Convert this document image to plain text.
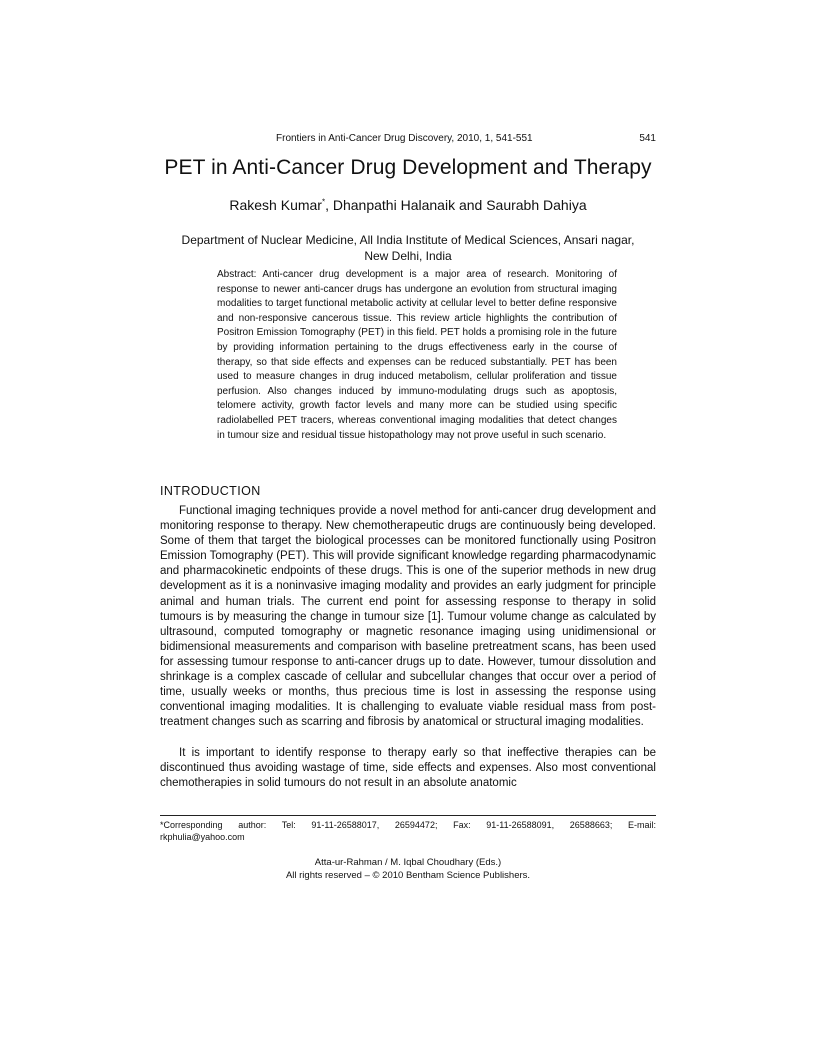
Frontiers in Anti-Cancer Drug Discovery, 2010, 1, 541-551	541
PET in Anti-Cancer Drug Development and Therapy
Rakesh Kumar*, Dhanpathi Halanaik and Saurabh Dahiya
Department of Nuclear Medicine, All India Institute of Medical Sciences, Ansari nagar,
New Delhi, India
Abstract: Anti-cancer drug development is a major area of research. Monitoring of response to newer anti-cancer drugs has undergone an evolution from structural imaging modalities to target functional metabolic activity at cellular level to better define responsive and non-responsive cancerous tissue. This review article highlights the contribution of Positron Emission Tomography (PET) in this field. PET holds a promising role in the future by providing information pertaining to the drugs effectiveness early in the course of therapy, so that side effects and expenses can be reduced substantially. PET has been used to measure changes in drug induced metabolism, cellular proliferation and tissue perfusion. Also changes induced by immuno-modulating drugs such as apoptosis, telomere activity, growth factor levels and many more can be studied using specific radiolabelled PET tracers, whereas conventional imaging modalities that detect changes in tumour size and residual tissue histopathology may not prove useful in such scenario.
INTRODUCTION

Functional imaging techniques provide a novel method for anti-cancer drug development and monitoring response to therapy. New chemotherapeutic drugs are continuously being developed. Some of them that target the biological processes can be monitored functionally using Positron Emission Tomography (PET). This will provide significant knowledge regarding pharmacodynamic and pharmacokinetic endpoints of these drugs. This is one of the superior methods in new drug development as it is a noninvasive imaging modality and provides an early judgment for principle animal and human trials. The current end point for assessing response to therapy in solid tumours is by measuring the change in tumour size [1]. Tumour volume change as calculated by ultrasound, computed tomography or magnetic resonance imaging using unidimensional or bidimensional measurements and comparison with baseline pretreatment scans, has been used for assessing tumour response to anti-cancer drugs up to date. However, tumour dissolution and shrinkage is a complex cascade of cellular and subcellular changes that occur over a period of time, usually weeks or months, thus precious time is lost in assessing the response using conventional imaging modalities. It is challenging to evaluate viable residual mass from post-treatment changes such as scarring and fibrosis by anatomical or structural imaging modalities.

It is important to identify response to therapy early so that ineffective therapies can be discontinued thus avoiding wastage of time, side effects and expenses. Also most conventional chemotherapies in solid tumours do not result in an absolute anatomic

*Corresponding author: Tel: 91-11-26588017, 26594472; Fax: 91-11-26588091, 26588663; E-mail:
rkphulia@yahoo.com
Atta-ur-Rahman / M. Iqbal Choudhary (Eds.)
All rights reserved – © 2010 Bentham Science Publishers.
